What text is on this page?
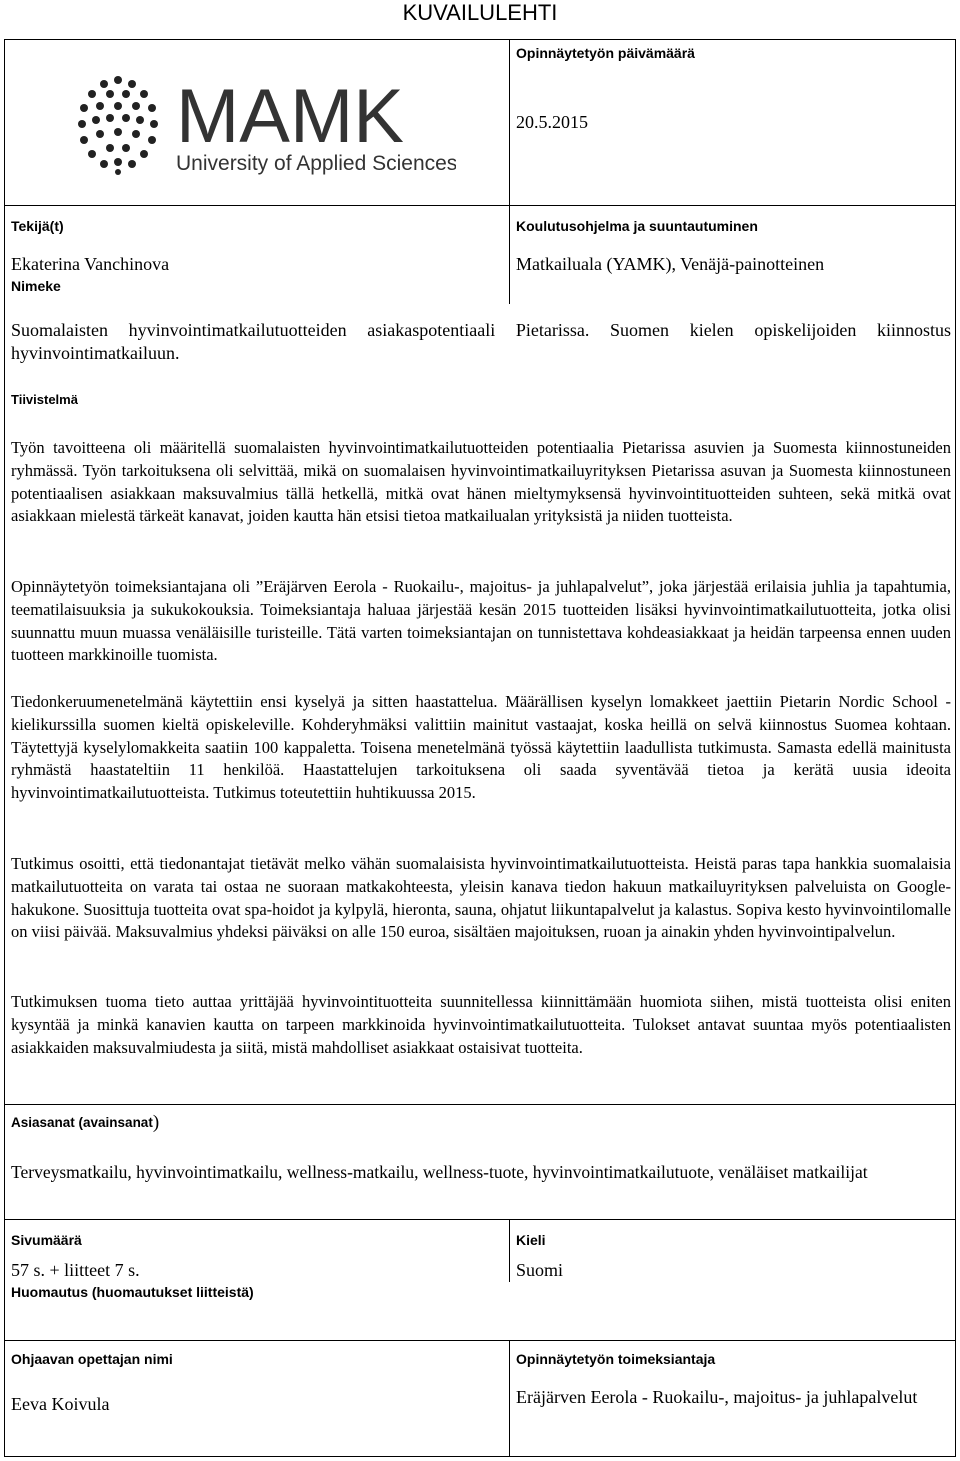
KUVAILULEHTI
MAMK
University of Applied Sciences
Opinnäytetyön päivämäärä
20.5.2015
Tekijä(t)
Ekaterina Vanchinova
Koulutusohjelma ja suuntautuminen
Matkailuala (YAMK), Venäjä-painotteinen
Nimeke
Suomalaisten hyvinvointimatkailutuotteiden asiakaspotentiaali Pietarissa. Suomen kielen opiskelijoiden kiinnostus
hyvinvointimatkailuun.
Tiivistelmä

Työn tavoitteena oli määritellä suomalaisten hyvinvointimatkailutuotteiden potentiaalia Pietarissa asuvien ja Suomesta kiinnostuneiden ryhmässä. Työn tarkoituksena oli selvittää, mikä on suomalaisen hyvinvointimatkailuyrityksen Pietarissa asuvan ja Suomesta kiinnostuneen potentiaalisen asiakkaan maksuvalmius tällä hetkellä, mitkä ovat hänen mieltymyksensä hyvinvointituotteiden suhteen, sekä mitkä ovat asiakkaan mielestä tärkeät kanavat, joiden kautta hän etsisi tietoa matkailualan yrityksistä ja niiden tuotteista.

Opinnäytetyön toimeksiantajana oli ”Eräjärven Eerola - Ruokailu-, majoitus- ja juhlapalvelut”, joka järjestää erilaisia juhlia ja tapahtumia, teematilaisuuksia ja sukukokouksia. Toimeksiantaja haluaa järjestää kesän 2015 tuotteiden lisäksi hyvinvointimatkailutuotteita, jotka olisi suunnattu muun muassa venäläisille turisteille. Tätä varten toimeksiantajan on tunnistettava kohdeasiakkaat ja heidän tarpeensa ennen uuden tuotteen markkinoille tuomista.

Tiedonkeruumenetelmänä käytettiin ensi kyselyä ja sitten haastattelua. Määrällisen kyselyn lomakkeet jaettiin Pietarin Nordic School -kielikurssilla suomen kieltä opiskeleville. Kohderyhmäksi valittiin mainitut vastaajat, koska heillä on selvä kiinnostus Suomea kohtaan. Täytettyjä kyselylomakkeita saatiin 100 kappaletta. Toisena menetelmänä työssä käytettiin laadullista tutkimusta. Samasta edellä mainitusta ryhmästä haastateltiin 11 henkilöä. Haastattelujen tarkoituksena oli saada syventävää tietoa ja kerätä uusia ideoita hyvinvointimatkailutuotteista. Tutkimus toteutettiin huhtikuussa 2015.

Tutkimus osoitti, että tiedonantajat tietävät melko vähän suomalaisista hyvinvointimatkailutuotteista. Heistä paras tapa hankkia suomalaisia matkailutuotteita on varata tai ostaa ne suoraan matkakohteesta, yleisin kanava tiedon hakuun matkailuyrityksen palveluista on Google-hakukone. Suosittuja tuotteita ovat spa-hoidot ja kylpylä, hieronta, sauna, ohjatut liikuntapalvelut ja kalastus. Sopiva kesto hyvinvointilomalle on viisi päivää. Maksuvalmius yhdeksi päiväksi on alle 150 euroa, sisältäen majoituksen, ruoan ja ainakin yhden hyvinvointipalvelun.

Tutkimuksen tuoma tieto auttaa yrittäjää hyvinvointituotteita suunnitellessa kiinnittämään huomiota siihen, mistä tuotteista olisi eniten kysyntää ja minkä kanavien kautta on tarpeen markkinoida hyvinvointimatkailutuotteita. Tulokset antavat suuntaa myös potentiaalisten asiakkaiden maksuvalmiudesta ja siitä, mistä mahdolliset asiakkaat ostaisivat tuotteita.

Asiasanat (avainsanat)

Terveysmatkailu, hyvinvointimatkailu, wellness-matkailu, wellness-tuote, hyvinvointimatkailutuote, venäläiset matkailijat

Sivumäärä
57 s. + liitteet 7 s.
Kieli
Suomi
Huomautus (huomautukset liitteistä)
Ohjaavan opettajan nimi
Eeva Koivula
Opinnäytetyön toimeksiantaja
Eräjärven Eerola - Ruokailu-, majoitus- ja juhlapalvelut
